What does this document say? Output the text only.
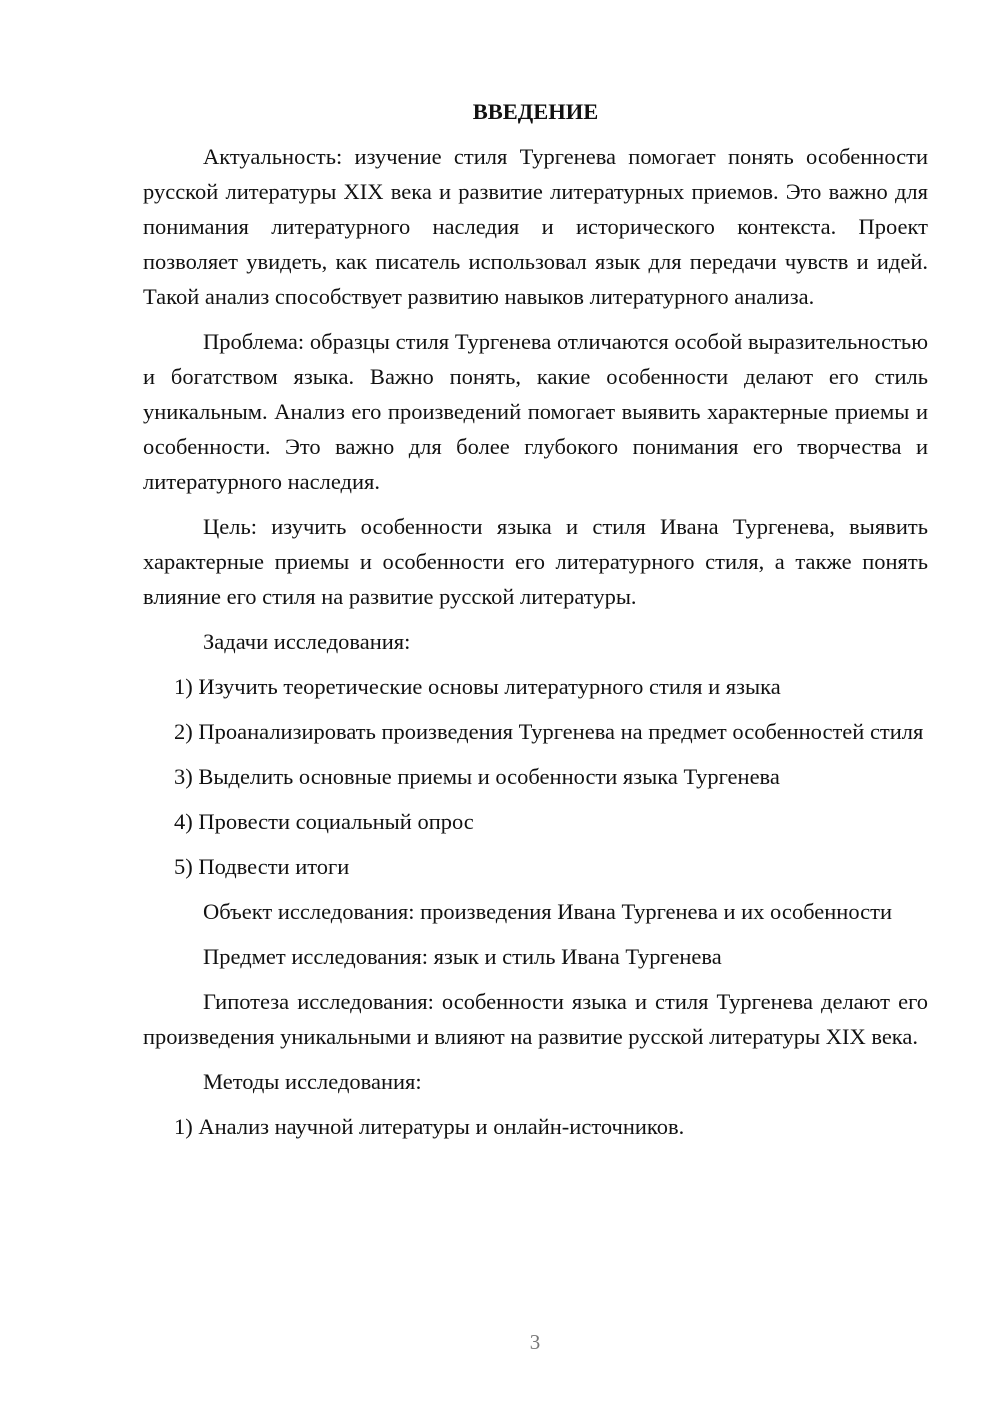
ВВЕДЕНИЕ

Актуальность: изучение стиля Тургенева помогает понять особенности русской литературы XIX века и развитие литературных приемов. Это важно для понимания литературного наследия и исторического контекста. Проект позволяет увидеть, как писатель использовал язык для передачи чувств и идей. Такой анализ способствует развитию навыков литературного анализа.

Проблема: образцы стиля Тургенева отличаются особой выразительностью и богатством языка. Важно понять, какие особенности делают его стиль уникальным. Анализ его произведений помогает выявить характерные приемы и особенности. Это важно для более глубокого понимания его творчества и литературного наследия.

Цель: изучить особенности языка и стиля Ивана Тургенева, выявить характерные приемы и особенности его литературного стиля, а также понять влияние его стиля на развитие русской литературы.

Задачи исследования:

1) Изучить теоретические основы литературного стиля и языка

2) Проанализировать произведения Тургенева на предмет особенностей стиля

3) Выделить основные приемы и особенности языка Тургенева

4) Провести социальный опрос

5) Подвести итоги

Объект исследования: произведения Ивана Тургенева и их особенности

Предмет исследования: язык и стиль Ивана Тургенева

Гипотеза исследования: особенности языка и стиля Тургенева делают его произведения уникальными и влияют на развитие русской литературы XIX века.

Методы исследования:

1) Анализ научной литературы и онлайн-источников.

3
